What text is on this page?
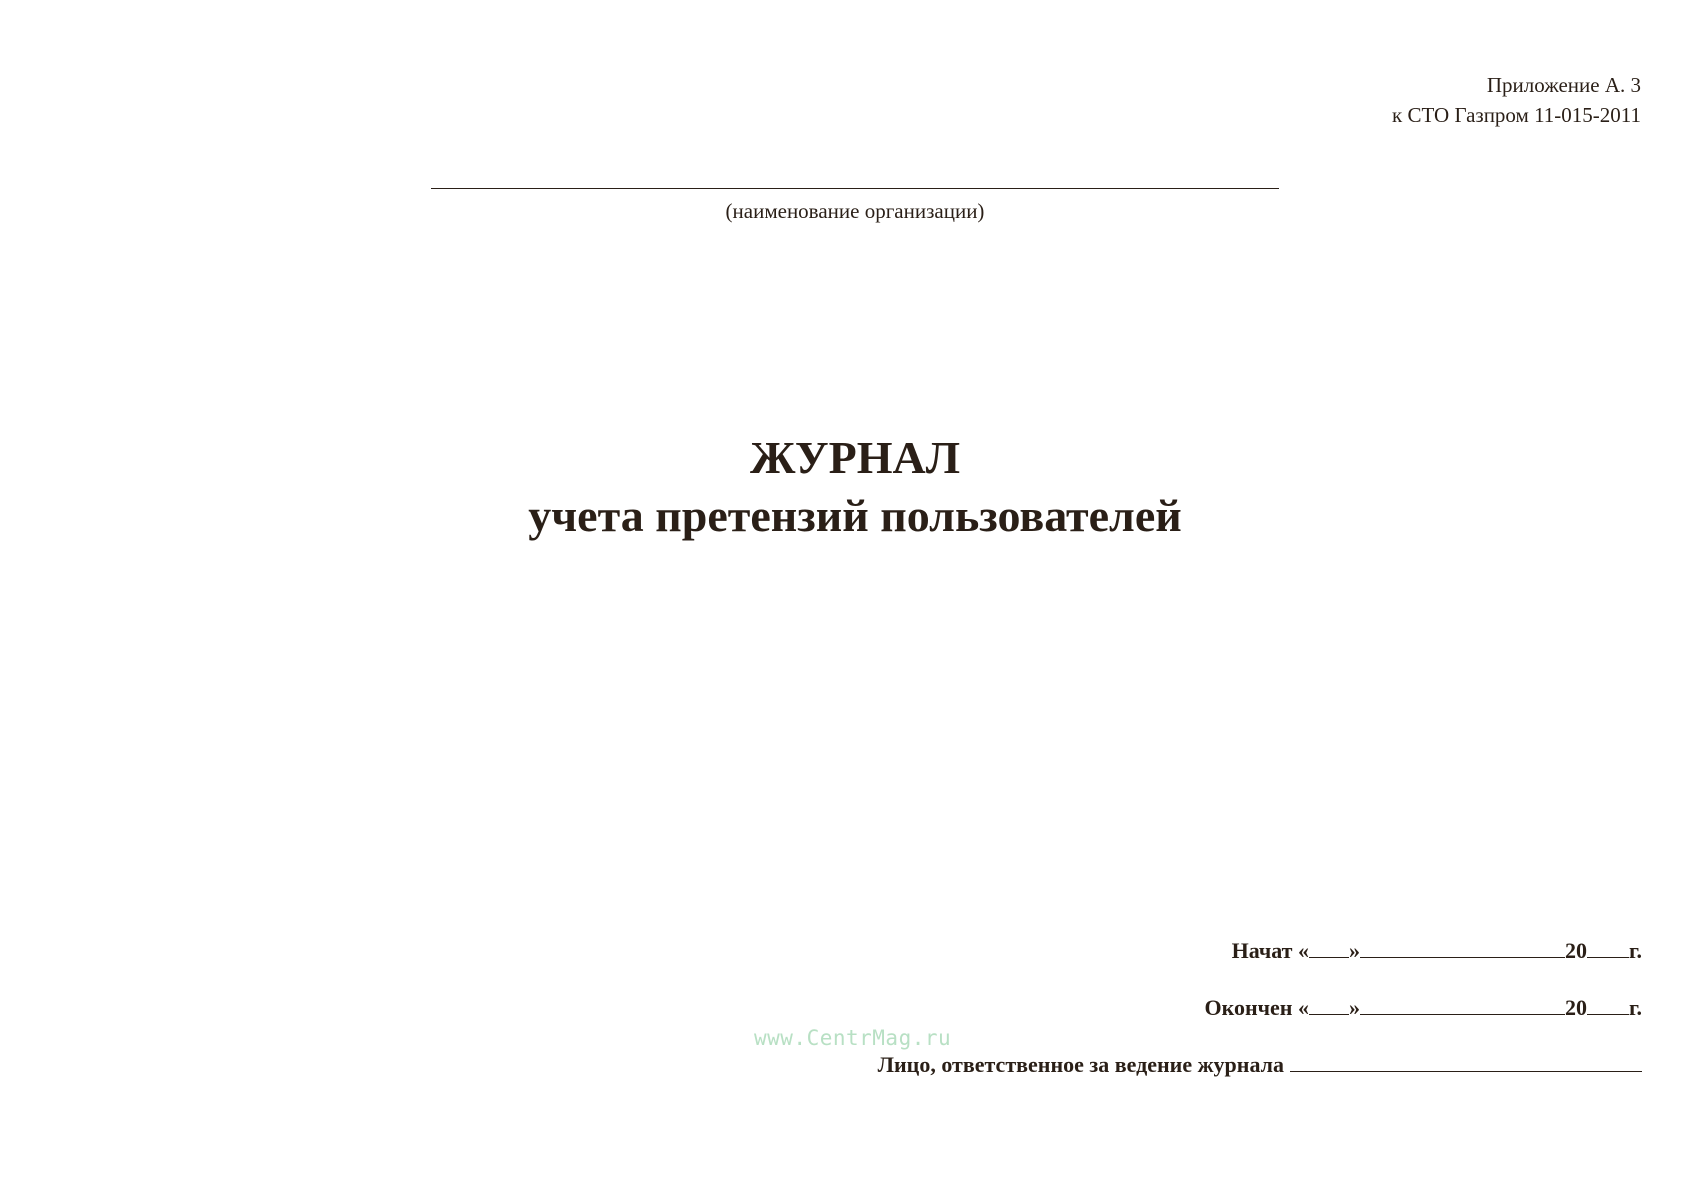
Приложение А. 3
к СТО Газпром 11-015-2011
(наименование организации)
ЖУРНАЛ
учета претензий пользователей
www.CentrMag.ru
Начат
« »	20 г.
Окончен
« »	20 г.
Лицо, ответственное за ведение журнала
